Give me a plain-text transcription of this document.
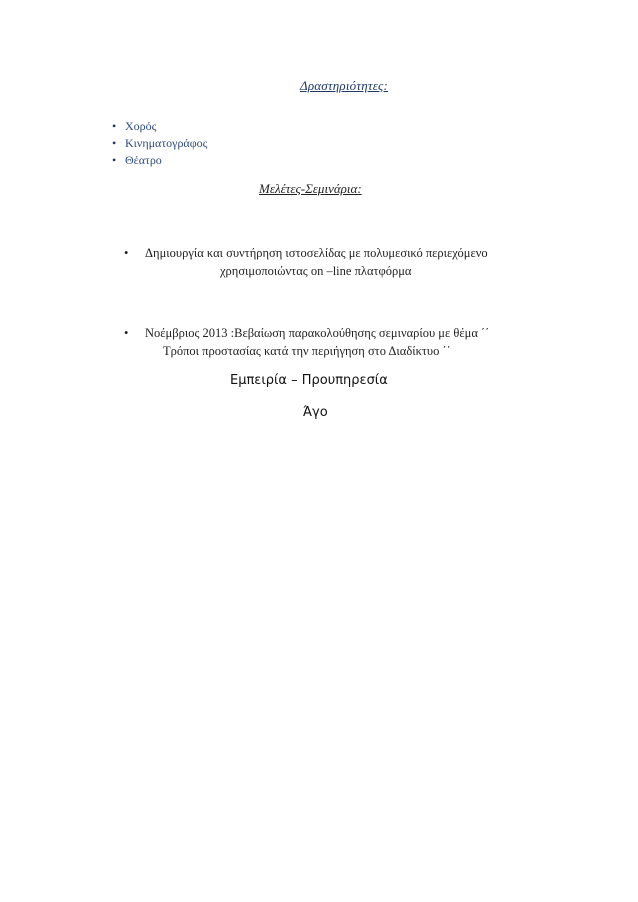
Δραστηριότητες:
• Χορός
• Κινηματογράφος
• Θέατρο
Μελέτες-Σεμινάρια:
• Δημιουργία και συντήρηση ιστοσελίδας με πολυμεσικό περιεχόμενο
χρησιμοποιώντας on –line πλατφόρμα
• Νοέμβριος 2013 :Βεβαίωση παρακολούθησης σεμιναρίου με θέμα ΄΄
Τρόποι προστασίας κατά την περιήγηση στο Διαδίκτυο ΄΄
Εμπειρία – Προυπηρεσία
Άγο
